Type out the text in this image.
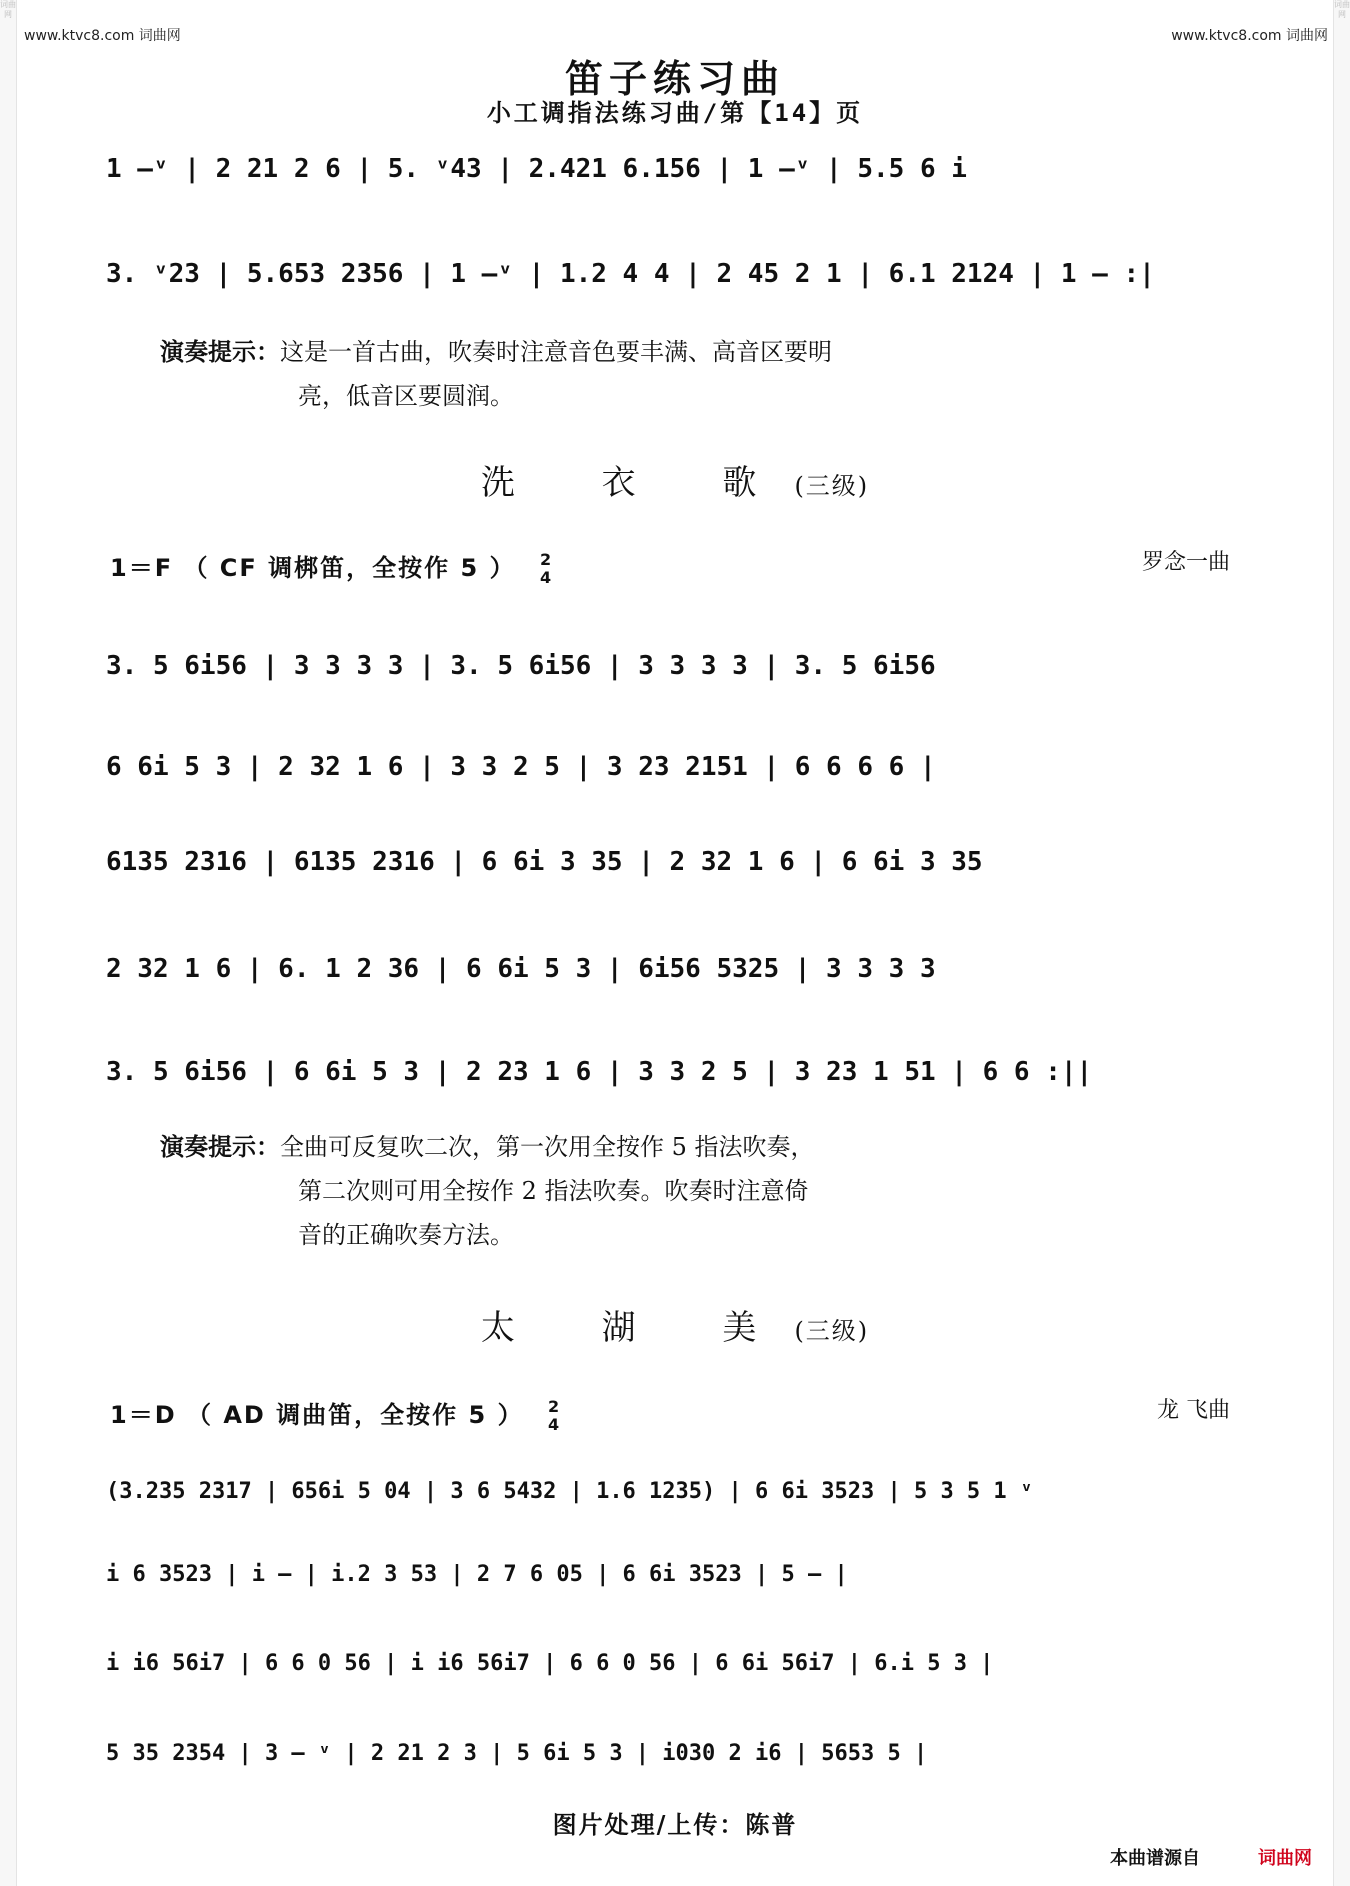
词曲网
词曲网
www.ktvc8.com 词曲网	www.ktvc8.com 词曲网
笛子练习曲
小工调指法练习曲/第【14】页
1 –ᵛ | 2 21 2 6 | 5. ᵛ43 | 2.421 6.156 | 1 –ᵛ | 5.5 6 i
3. ᵛ23 | 5.653 2356 | 1 –ᵛ | 1.2 4 4 | 2 45 2 1 | 6.1 2124 | 1 – :|
演奏提示：这是一首古曲，吹奏时注意音色要丰满、高音区要明
亮，低音区要圆润。
洗 衣 歌(三级)
1＝F （ CF 调梆笛，全按作 5 ） 2
4
罗念一曲
3. 5 6i56 | 3 3 3 3 | 3. 5 6i56 | 3 3 3 3 | 3. 5 6i56
6 6i 5 3 | 2 32 1 6 | 3 3 2 5 | 3 23 2151 | 6 6 6 6 |
6135 2316 | 6135 2316 | 6 6i 3 35 | 2 32 1 6 | 6 6i 3 35
2 32 1 6 | 6. 1 2 36 | 6 6i 5 3 | 6i56 5325 | 3 3 3 3
3. 5 6i56 | 6 6i 5 3 | 2 23 1 6 | 3 3 2 5 | 3 23 1 51 | 6 6 :||
演奏提示：全曲可反复吹二次，第一次用全按作 5 指法吹奏，
第二次则可用全按作 2 指法吹奏。吹奏时注意倚
音的正确吹奏方法。
太 湖 美(三级)
1＝D （ AD 调曲笛，全按作 5 ） 2
4
龙 飞曲
(3.235 2317 | 656i 5 04 | 3 6 5432 | 1.6 1235) | 6 6i 3523 | 5 3 5 1 ᵛ
i 6 3523 | i – | i.2 3 53 | 2 7 6 05 | 6 6i 3523 | 5 – |
i i6 56i7 | 6 6 0 56 | i i6 56i7 | 6 6 0 56 | 6 6i 56i7 | 6.i 5 3 |
5 35 2354 | 3 – ᵛ | 2 21 2 3 | 5 6i 5 3 | i030 2 i6 | 5653 5 |
图片处理/上传：陈普
本曲谱源自	词曲网
